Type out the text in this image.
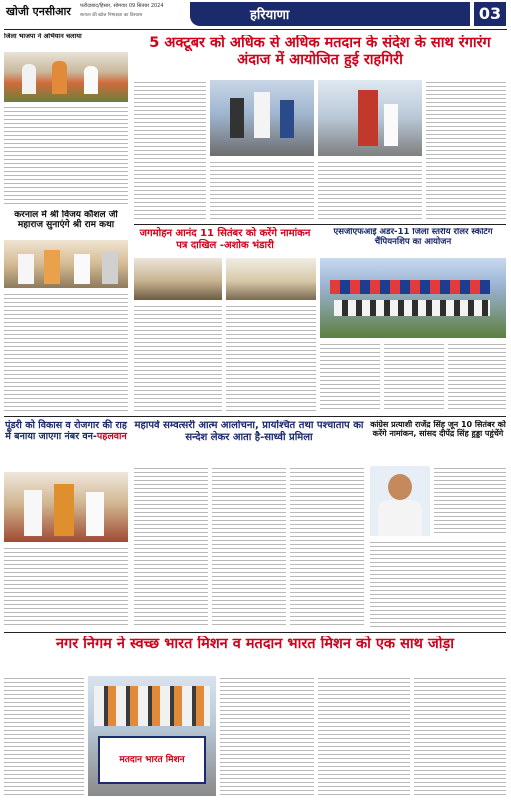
खोजी एनसीआर फरीदाबाद/हिसार, सोमवार 09 सितंबर 2024
सत्यता की खोज निष्पक्षता का विश्वास	हरियाणा	03
जिला भाजपा ने अभियान चलाया	5 अक्टूबर को अधिक से अधिक मतदान के संदेश के साथ रंगारंग अंदाज में आयोजित हुई राहगिरी
करनाल में श्री विजय कौशल जी महाराज सुनाएंगे श्री राम कथा
जगमोहन आनंद 11 सितंबर को करेंगे नामांकन पत्र दाखिल -अशोक भंडारी
एसजीएफआई अंडर-11 जिला स्तरीय रोलर स्केटिंग चैंपियनशिप का आयोजन
पूंडरी को विकास व रोजगार की राह में बनाया जाएगा नंबर वन-पहलवान
महापर्व सम्वत्सरी आत्म आलोचना, प्रायश्चित तथा पश्चाताप का सन्देश लेकर आता है-साध्वी प्रमिला
कांग्रेस प्रत्याशी राजेंद्र सिंह जून 10 सितंबर को करेंगे नामांकन, सांसद दीपेंद्र सिंह हुड्डा पहुंचेंगे
नगर निगम ने स्वच्छ भारत मिशन व मतदान भारत मिशन को एक साथ जोड़ा
मतदान भारत मिशन
